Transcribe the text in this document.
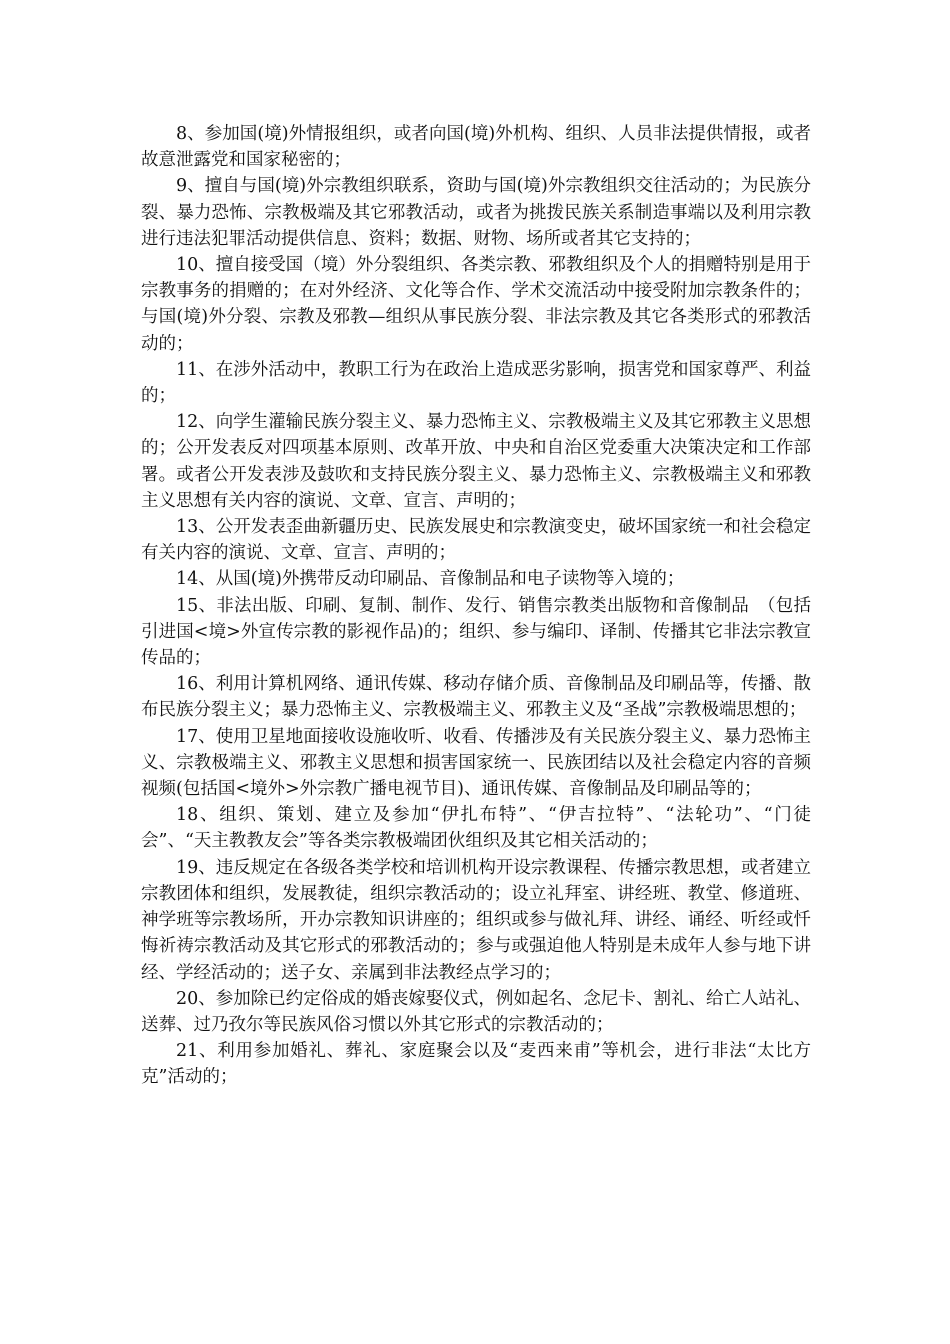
8、参加国(境)外情报组织，或者向国(境)外机构、组织、人员非法提供情报，或者故意泄露党和国家秘密的；

9、擅自与国(境)外宗教组织联系，资助与国(境)外宗教组织交往活动的；为民族分裂、暴力恐怖、宗教极端及其它邪教活动，或者为挑拨民族关系制造事端以及利用宗教进行违法犯罪活动提供信息、资料；数据、财物、场所或者其它支持的；

10、擅自接受国（境）外分裂组织、各类宗教、邪教组织及个人的捐赠特别是用于宗教事务的捐赠的；在对外经济、文化等合作、学术交流活动中接受附加宗教条件的；与国(境)外分裂、宗教及邪教—组织从事民族分裂、非法宗教及其它各类形式的邪教活动的；

11、在涉外活动中，教职工行为在政治上造成恶劣影响，损害党和国家尊严、利益的；

12、向学生灌输民族分裂主义、暴力恐怖主义、宗教极端主义及其它邪教主义思想的；公开发表反对四项基本原则、改革开放、中央和自治区党委重大决策决定和工作部署。或者公开发表涉及鼓吹和支持民族分裂主义、暴力恐怖主义、宗教极端主义和邪教主义思想有关内容的演说、文章、宣言、声明的；

13、公开发表歪曲新疆历史、民族发展史和宗教演变史，破坏国家统一和社会稳定有关内容的演说、文章、宣言、声明的；

14、从国(境)外携带反动印刷品、音像制品和电子读物等入境的；

15、非法出版、印刷、复制、制作、发行、销售宗教类出版物和音像制品　（包括引进国<境>外宣传宗教的影视作品)的；组织、参与编印、译制、传播其它非法宗教宣传品的；

16、利用计算机网络、通讯传媒、移动存储介质、音像制品及印刷品等，传播、散布民族分裂主义；暴力恐怖主义、宗教极端主义、邪教主义及“圣战”宗教极端思想的；

17、使用卫星地面接收设施收听、收看、传播涉及有关民族分裂主义、暴力恐怖主义、宗教极端主义、邪教主义思想和损害国家统一、民族团结以及社会稳定内容的音频视频(包括国<境外>外宗教广播电视节目)、通讯传媒、音像制品及印刷品等的；

18、组织、策划、建立及参加“伊扎布特”、“伊吉拉特”、“法轮功”、“门徒会”、“天主教教友会”等各类宗教极端团伙组织及其它相关活动的；

19、违反规定在各级各类学校和培训机构开设宗教课程、传播宗教思想，或者建立宗教团体和组织，发展教徒，组织宗教活动的；设立礼拜室、讲经班、教堂、修道班、神学班等宗教场所，开办宗教知识讲座的；组织或参与做礼拜、讲经、诵经、听经或忏悔祈祷宗教活动及其它形式的邪教活动的；参与或强迫他人特别是未成年人参与地下讲经、学经活动的；送子女、亲属到非法教经点学习的；

20、参加除已约定俗成的婚丧嫁娶仪式，例如起名、念尼卡、割礼、给亡人站礼、送葬、过乃孜尔等民族风俗习惯以外其它形式的宗教活动的；

21、利用参加婚礼、葬礼、家庭聚会以及“麦西来甫”等机会，进行非法“太比方克”活动的；
